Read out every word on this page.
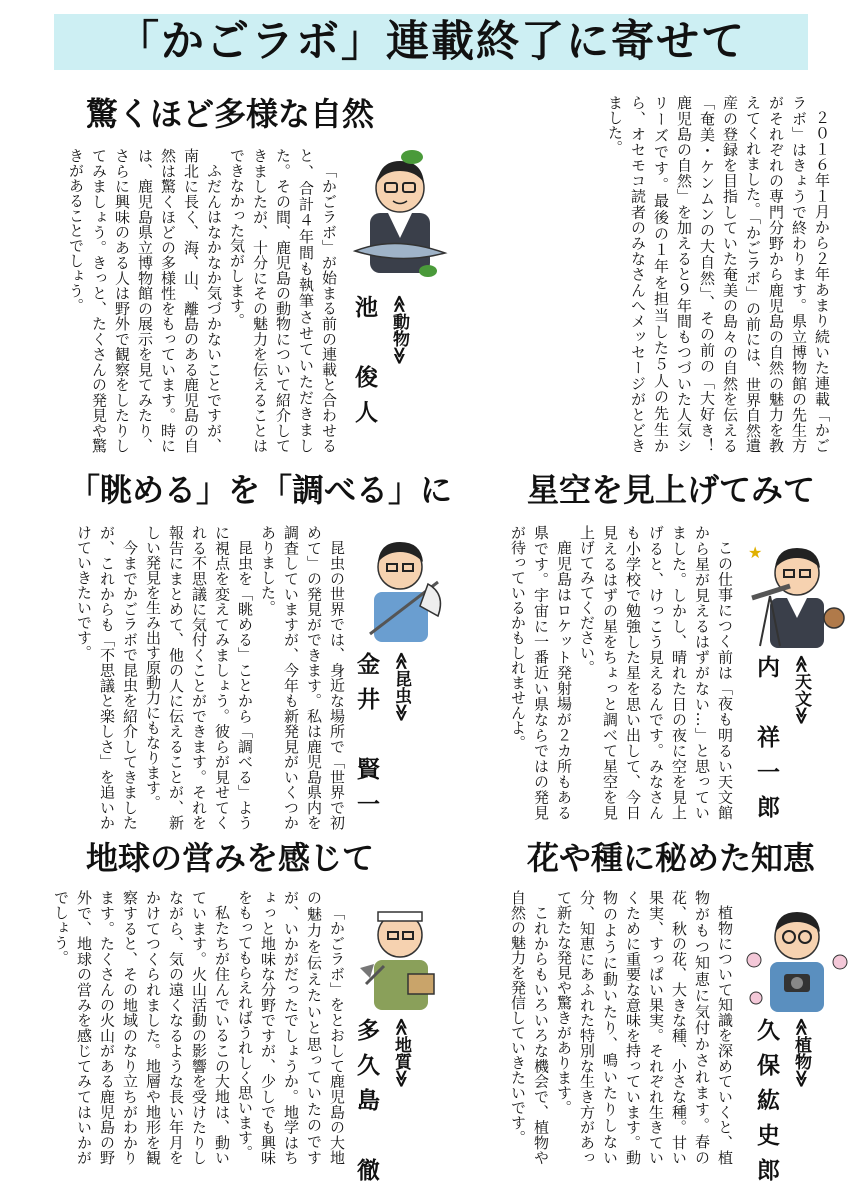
「かごラボ」連載終了に寄せて

２０１６年１月から２年あまり続いた連載「かごラボ」はきょうで終わります。県立博物館の先生方がそれぞれの専門分野から鹿児島の自然の魅力を教えてくれました。「かごラボ」の前には、世界自然遺産の登録を目指していた奄美の島々の自然を伝える「奄美・ケンムンの大自然」、その前の「大好き！　鹿児島の自然」を加えると９年間もつづいた人気シリーズです。最後の１年を担当した５人の先生から、オセモコ読者のみなさんへメッセージがとどきました。

驚くほど多様な自然
≪動物≫
池　俊人

「かごラボ」が始まる前の連載と合わせると、合計４年間も執筆させていただきました。その間、鹿児島の動物について紹介してきましたが、十分にその魅力を伝えることはできなかった気がします。

ふだんはなかなか気づかないことですが、南北に長く、海、山、離島のある鹿児島の自然は驚くほどの多様性をもっています。時には、鹿児島県立博物館の展示を見てみたり、さらに興味のある人は野外で観察をしたりしてみましょう。きっと、たくさんの発見や驚きがあることでしょう。

星空を見上げてみて
★
≪天文≫
内　祥一郎

この仕事につく前は「夜も明るい天文館から星が見えるはずがない…」と思っていました。しかし、晴れた日の夜に空を見上げると、けっこう見えるんです。みなさんも小学校で勉強した星を思い出して、今日見えるはずの星をちょっと調べて星空を見上げてみてください。

鹿児島はロケット発射場が２カ所もある県です。宇宙に一番近い県ならではの発見が待っているかもしれませんよ。

「眺める」を「調べる」に
≪昆虫≫
金井　賢一

昆虫の世界では、身近な場所で「世界で初めて」の発見ができます。私は鹿児島県内を調査していますが、今年も新発見がいくつかありました。

昆虫を「眺める」ことから「調べる」ように視点を変えてみましょう。彼らが見せてくれる不思議に気付くことができます。それを報告にまとめて、他の人に伝えることが、新しい発見を生み出す原動力にもなります。

今までかごラボで昆虫を紹介してきましたが、これからも「不思議と楽しさ」を追いかけていきたいです。

花や種に秘めた知恵
≪植物≫
久保紘史郎

植物について知識を深めていくと、植物がもつ知恵に気付かされます。春の花、秋の花、大きな種、小さな種。甘い果実、すっぱい果実。それぞれ生きていくために重要な意味を持っています。動物のように動いたり、鳴いたりしない分、知恵にあふれた特別な生き方があって新たな発見や驚きがあります。

これからもいろいろな機会で、植物や自然の魅力を発信していきたいです。

地球の営みを感じて
≪地質≫
多久島　徹

「かごラボ」をとおして鹿児島の大地の魅力を伝えたいと思っていたのですが、いかがだったでしょうか。地学はちょっと地味な分野ですが、少しでも興味をもってもらえればうれしく思います。

私たちが住んでいるこの大地は、動いています。火山活動の影響を受けたりしながら、気の遠くなるような長い年月をかけてつくられました。地層や地形を観察すると、その地域のなり立ちがわかります。たくさんの火山がある鹿児島の野外で、地球の営みを感じてみてはいかがでしょう。
